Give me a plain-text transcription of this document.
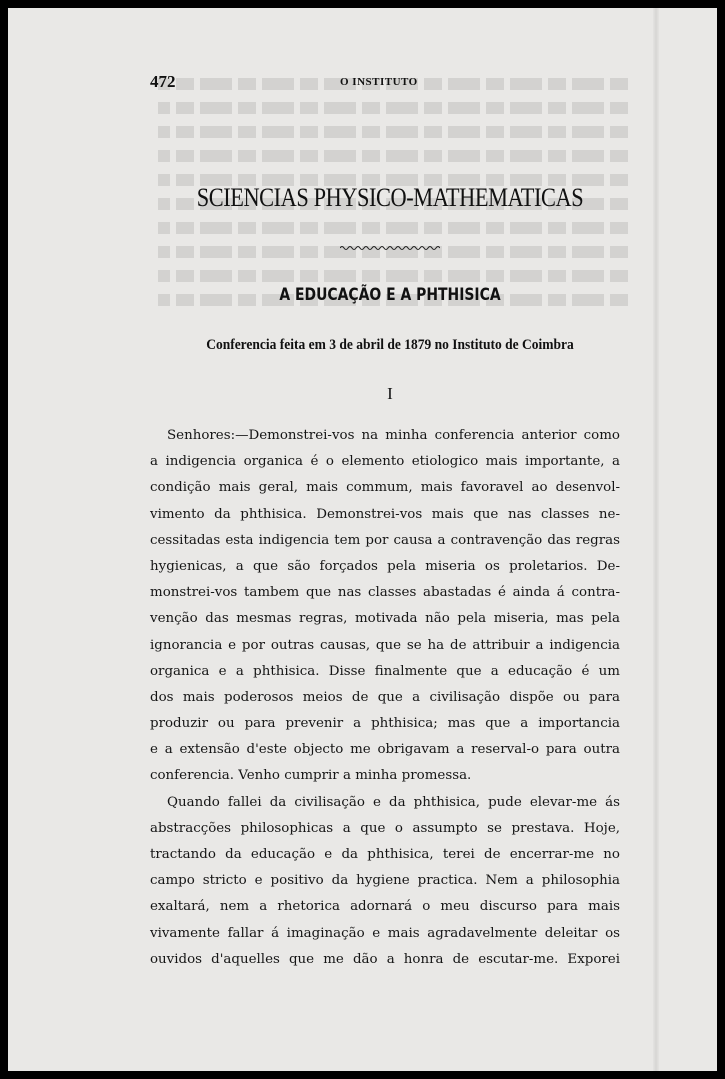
472	O INSTITUTO
SCIENCIAS PHYSICO-MATHEMATICAS
A EDUCAÇÃO E A PHTHISICA
Conferencia feita em 3 de abril de 1879 no Instituto de Coimbra
I
Senhores:—Demonstrei-vos na minha conferencia anterior como
a indigencia organica é o elemento etiologico mais importante, a
condição mais geral, mais commum, mais favoravel ao desenvol-
vimento da phthisica. Demonstrei-vos mais que nas classes ne-
cessitadas esta indigencia tem por causa a contravenção das regras
hygienicas, a que são forçados pela miseria os proletarios. De-
monstrei-vos tambem que nas classes abastadas é ainda á contra-
venção das mesmas regras, motivada não pela miseria, mas pela
ignorancia e por outras causas, que se ha de attribuir a indigencia
organica e a phthisica. Disse finalmente que a educação é um
dos mais poderosos meios de que a civilisação dispõe ou para
produzir ou para prevenir a phthisica; mas que a importancia
e a extensão d'este objecto me obrigavam a reserval-o para outra
conferencia. Venho cumprir a minha promessa.
Quando fallei da civilisação e da phthisica, pude elevar-me ás
abstracções philosophicas a que o assumpto se prestava. Hoje,
tractando da educação e da phthisica, terei de encerrar-me no
campo stricto e positivo da hygiene practica. Nem a philosophia
exaltará, nem a rhetorica adornará o meu discurso para mais
vivamente fallar á imaginação e mais agradavelmente deleitar os
ouvidos d'aquelles que me dão a honra de escutar-me. Exporei
